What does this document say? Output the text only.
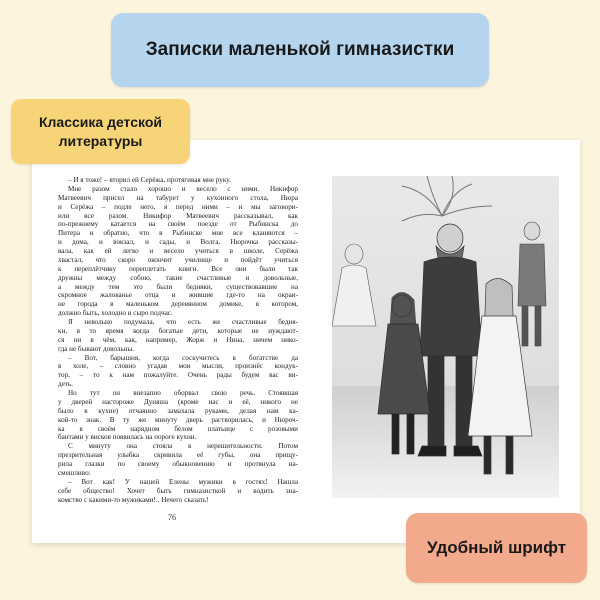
– И я тоже! – вторил ей Серёжа, протягивая мне руку.
Мне разом стало хорошо и весело с ними. Никифор
Матвеевич присел на табурет у кухонного стола, Нюра
и Серёжа – подле него, я перед ними – и мы заговори-
или все разом. Никифор Матвеевич рассказывал, как
по-прежнему катается на своём поезде от Рыбинска до
Питера и обратно, что в Рыбинске мне все кланяются –
и дома, и вокзал, и сады, и Волга, Нюрочка рассказы-
вала, как ей легко и весело учиться в школе, Серёжа
хвастал, что скоро окончит училище и пойдёт учиться
к переплётчику переплетать книги. Все они были так
дружны между собою, такие счастливые и довольные,
а между тем это были бедняки, существовавшие на
скромное жалованье отца и жившие где-то на окраи-
не города в маленьком деревянном домике, в котором,
должно быть, холодно и сыро подчас.
Я невольно подумала, что есть же счастливые бедня-
ки, в то время когда богатые дети, которые не нуждают-
ся ни в чём, как, например, Жорж и Нина, ничем нико-
гда не бывают довольны.
– Вот, барышня, когда соскучитесь в богатстве да
в холе, – словно угадав мои мысли, произнёс кондук-
тор, – то к нам пожалуйте. Очень рады будем вас ви-
деть.
Но тут он внезапно оборвал свою речь. Стоявшая
у дверей настороже Дуняша (кроме нас и её, никого не
было в кухне) отчаянно замахала руками, делая нам ка-
кой-то знак. В ту же минуту дверь растворилась, и Нюроч-
ка в своём нарядном белом платьице с розовыми
бантами у висков появилась на пороге кухни.
С минуту она стояла в нерешительности. Потом
презрительная улыбка скривила её губы, она прищу-
рила глазки по своему обыкновению и протянула на-
смешливо:
– Вот как! У нашей Елены мужики в гостях! Нашла
себе общество! Хочет быть гимназисткой и водить зна-
комство с какими-то мужиками!.. Нечего сказать!
76
Записки маленькой гимназистки
Классика детской
литературы
Удобный шрифт
